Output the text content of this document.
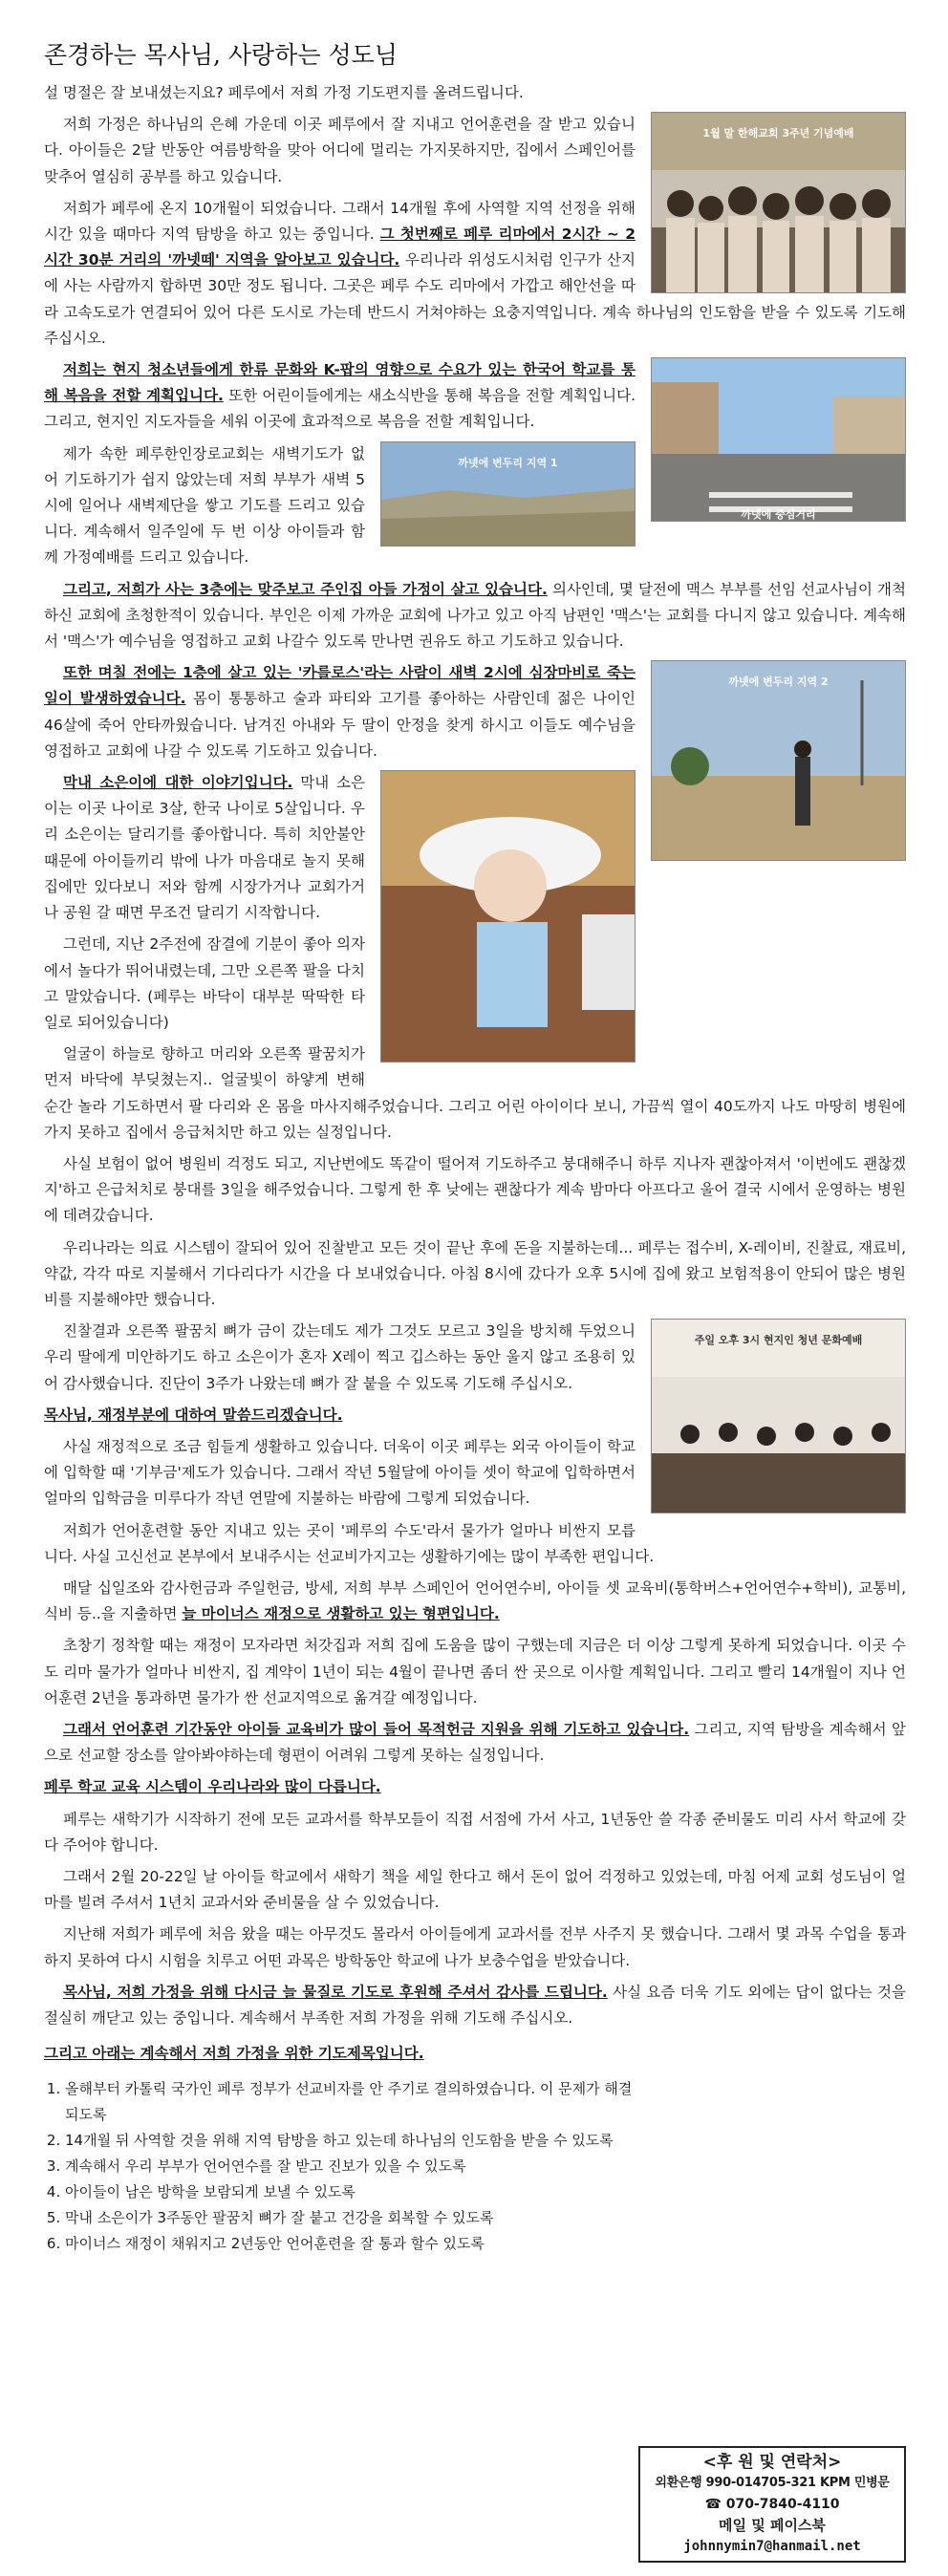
존경하는 목사님, 사랑하는 성도님

설 명절은 잘 보내셨는지요? 페루에서 저희 가정 기도편지를 올려드립니다.

1월 말 한해교회 3주년 기념예배

저희 가정은 하나님의 은혜 가운데 이곳 페루에서 잘 지내고 언어훈련을 잘 받고 있습니다. 아이들은 2달 반동안 여름방학을 맞아 어디에 멀리는 가지못하지만, 집에서 스페인어를 맞추어 열심히 공부를 하고 있습니다.

저희가 페루에 온지 10개월이 되었습니다. 그래서 14개월 후에 사역할 지역 선정을 위해 시간 있을 때마다 지역 탐방을 하고 있는 중입니다. 그 첫번째로 페루 리마에서 2시간 ~ 2시간 30분 거리의 '까넷떼' 지역을 알아보고 있습니다. 우리나라 위성도시처럼 인구가 산지에 사는 사람까지 합하면 30만 정도 됩니다. 그곳은 페루 수도 리마에서 가깝고 해안선을 따라 고속도로가 연결되어 있어 다른 도시로 가는데 반드시 거쳐야하는 요충지역입니다. 계속 하나님의 인도함을 받을 수 있도록 기도해 주십시오.

까넷에 중심거리

저희는 현지 청소년들에게 한류 문화와 K-팝의 영향으로 수요가 있는 한국어 학교를 통해 복음을 전할 계획입니다. 또한 어린이들에게는 새소식반을 통해 복음을 전할 계획입니다. 그리고, 현지인 지도자들을 세워 이곳에 효과적으로 복음을 전할 계획입니다.

까넷에 변두리 지역 1

제가 속한 페루한인장로교회는 새벽기도가 없어 기도하기가 쉽지 않았는데 저희 부부가 새벽 5시에 일어나 새벽제단을 쌓고 기도를 드리고 있습니다. 계속해서 일주일에 두 번 이상 아이들과 함께 가정예배를 드리고 있습니다.

그리고, 저희가 사는 3층에는 맞주보고 주인집 아들 가정이 살고 있습니다. 의사인데, 몇 달전에 맥스 부부를 선임 선교사님이 개척하신 교회에 초청한적이 있습니다. 부인은 이제 가까운 교회에 나가고 있고 아직 남편인 '맥스'는 교회를 다니지 않고 있습니다. 계속해서 '맥스'가 예수님을 영접하고 교회 나갈수 있도록 만나면 권유도 하고 기도하고 있습니다.

까넷에 변두리 지역 2

또한 며칠 전에는 1층에 살고 있는 '카를로스'라는 사람이 새벽 2시에 심장마비로 죽는 일이 발생하였습니다. 몸이 통통하고 술과 파티와 고기를 좋아하는 사람인데 젊은 나이인 46살에 죽어 안타까웠습니다. 남겨진 아내와 두 딸이 안정을 찾게 하시고 이들도 예수님을 영접하고 교회에 나갈 수 있도록 기도하고 있습니다.

막내 소은이에 대한 이야기입니다. 막내 소은이는 이곳 나이로 3살, 한국 나이로 5살입니다. 우리 소은이는 달리기를 좋아합니다. 특히 치안불안 때문에 아이들끼리 밖에 나가 마음대로 놀지 못해 집에만 있다보니 저와 함께 시장가거나 교회가거나 공원 갈 때면 무조건 달리기 시작합니다.

그런데, 지난 2주전에 잠결에 기분이 좋아 의자에서 놀다가 뛰어내렸는데, 그만 오른쪽 팔을 다치고 말았습니다. (페루는 바닥이 대부분 딱딱한 타일로 되어있습니다)

얼굴이 하늘로 향하고 머리와 오른쪽 팔꿈치가 먼저 바닥에 부딪쳤는지.. 얼굴빛이 하얗게 변해 순간 놀라 기도하면서 팔 다리와 온 몸을 마사지해주었습니다. 그리고 어린 아이이다 보니, 가끔씩 열이 40도까지 나도 마땅히 병원에 가지 못하고 집에서 응급처치만 하고 있는 실정입니다.

사실 보험이 없어 병원비 걱정도 되고, 지난번에도 똑같이 떨어져 기도하주고 붕대해주니 하루 지나자 괜찮아져서 '이번에도 괜찮겠지'하고 은급처치로 붕대를 3일을 해주었습니다. 그렇게 한 후 낮에는 괜찮다가 계속 밤마다 아프다고 울어 결국 시에서 운영하는 병원에 데려갔습니다.

우리나라는 의료 시스템이 잘되어 있어 진찰받고 모든 것이 끝난 후에 돈을 지불하는데... 페루는 접수비, X-레이비, 진찰료, 재료비, 약값, 각각 따로 지불해서 기다리다가 시간을 다 보내었습니다. 아침 8시에 갔다가 오후 5시에 집에 왔고 보험적용이 안되어 많은 병원비를 지불해야만 했습니다.

주일 오후 3시 현지인 청년 문화예배

진찰결과 오른쪽 팔꿈치 뼈가 금이 갔는데도 제가 그것도 모르고 3일을 방치해 두었으니 우리 딸에게 미안하기도 하고 소은이가 혼자 X레이 찍고 깁스하는 동안 울지 않고 조용히 있어 감사했습니다. 진단이 3주가 나왔는데 뼈가 잘 붙을 수 있도록 기도해 주십시오.

목사님, 재정부분에 대하여 말씀드리겠습니다.

사실 재정적으로 조금 힘들게 생활하고 있습니다. 더욱이 이곳 페루는 외국 아이들이 학교에 입학할 때 '기부금'제도가 있습니다. 그래서 작년 5월달에 아이들 셋이 학교에 입학하면서 얼마의 입학금을 미루다가 작년 연말에 지불하는 바람에 그렇게 되었습니다.

저희가 언어훈련할 동안 지내고 있는 곳이 '페루의 수도'라서 물가가 얼마나 비싼지 모릅니다. 사실 고신선교 본부에서 보내주시는 선교비가지고는 생활하기에는 많이 부족한 편입니다.

매달 십일조와 감사헌금과 주일헌금, 방세, 저희 부부 스페인어 언어연수비, 아이들 셋 교육비(통학버스+언어연수+학비), 교통비, 식비 등..을 지출하면 늘 마이너스 재정으로 생활하고 있는 형편입니다.

초창기 정착할 때는 재정이 모자라면 처갓집과 저희 집에 도움을 많이 구했는데 지금은 더 이상 그렇게 못하게 되었습니다. 이곳 수도 리마 물가가 얼마나 비싼지, 집 계약이 1년이 되는 4월이 끝나면 좀더 싼 곳으로 이사할 계획입니다. 그리고 빨리 14개월이 지나 언어훈련 2년을 통과하면 물가가 싼 선교지역으로 옮겨갈 예정입니다.

그래서 언어훈련 기간동안 아이들 교육비가 많이 들어 목적헌금 지원을 위해 기도하고 있습니다. 그리고, 지역 탐방을 계속해서 앞으로 선교할 장소를 알아봐야하는데 형편이 어려워 그렇게 못하는 실정입니다.

페루 학교 교육 시스템이 우리나라와 많이 다릅니다.

페루는 새학기가 시작하기 전에 모든 교과서를 학부모들이 직접 서점에 가서 사고, 1년동안 쓸 각종 준비물도 미리 사서 학교에 갖다 주어야 합니다.

그래서 2월 20-22일 날 아이들 학교에서 새학기 책을 세일 한다고 해서 돈이 없어 걱정하고 있었는데, 마침 어제 교회 성도님이 얼마를 빌려 주셔서 1년치 교과서와 준비물을 살 수 있었습니다.

지난해 저희가 페루에 처음 왔을 때는 아무것도 몰라서 아이들에게 교과서를 전부 사주지 못 했습니다. 그래서 몇 과목 수업을 통과하지 못하여 다시 시험을 치루고 어떤 과목은 방학동안 학교에 나가 보충수업을 받았습니다.

목사님, 저희 가정을 위해 다시금 늘 물질로 기도로 후원해 주셔서 감사를 드립니다. 사실 요즘 더욱 기도 외에는 답이 없다는 것을 절실히 깨닫고 있는 중입니다. 계속해서 부족한 저희 가정을 위해 기도해 주십시오.

그리고 아래는 계속해서 저희 가정을 위한 기도제목입니다.

1. 올해부터 카톨릭 국가인 페루 정부가 선교비자를 안 주기로 결의하였습니다. 이 문제가 해결되도록
2. 14개월 뒤 사역할 것을 위해 지역 탐방을 하고 있는데 하나님의 인도함을 받을 수 있도록
3. 계속해서 우리 부부가 언어연수를 잘 받고 진보가 있을 수 있도록
4. 아이들이 남은 방학을 보람되게 보낼 수 있도록
5. 막내 소은이가 3주동안 팔꿈치 뼈가 잘 붙고 건강을 회복할 수 있도록
6. 마이너스 재정이 채워지고 2년동안 언어훈련을 잘 통과 할수 있도록
<후 원 및 연락처>
외환은행 990-014705-321 KPM 민병문
☎ 070-7840-4110
메일 및 페이스북
johnnymin7@hanmail.net
